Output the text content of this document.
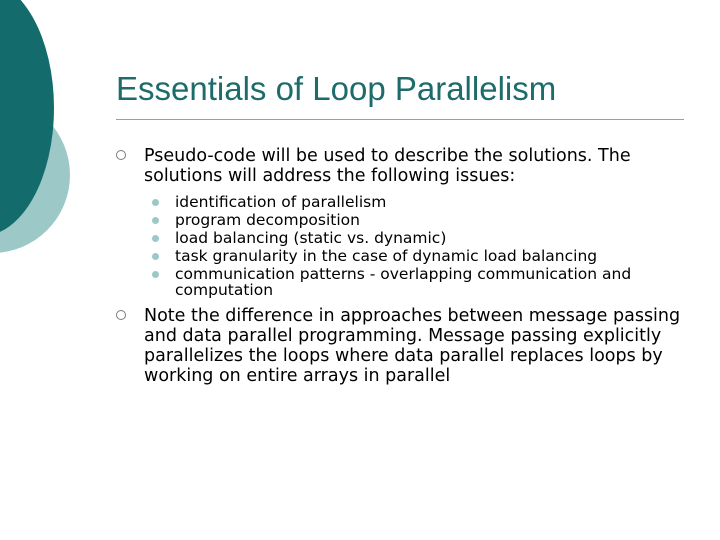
Essentials of Loop Parallelism
Pseudo-code will be used to describe the solutions. The solutions will address the following issues:
identification of parallelism
program decomposition
load balancing (static vs. dynamic)
task granularity in the case of dynamic load balancing
communication patterns - overlapping communication and computation
Note the difference in approaches between message passing and data parallel programming. Message passing explicitly parallelizes the loops where data parallel replaces loops by working on entire arrays in parallel
